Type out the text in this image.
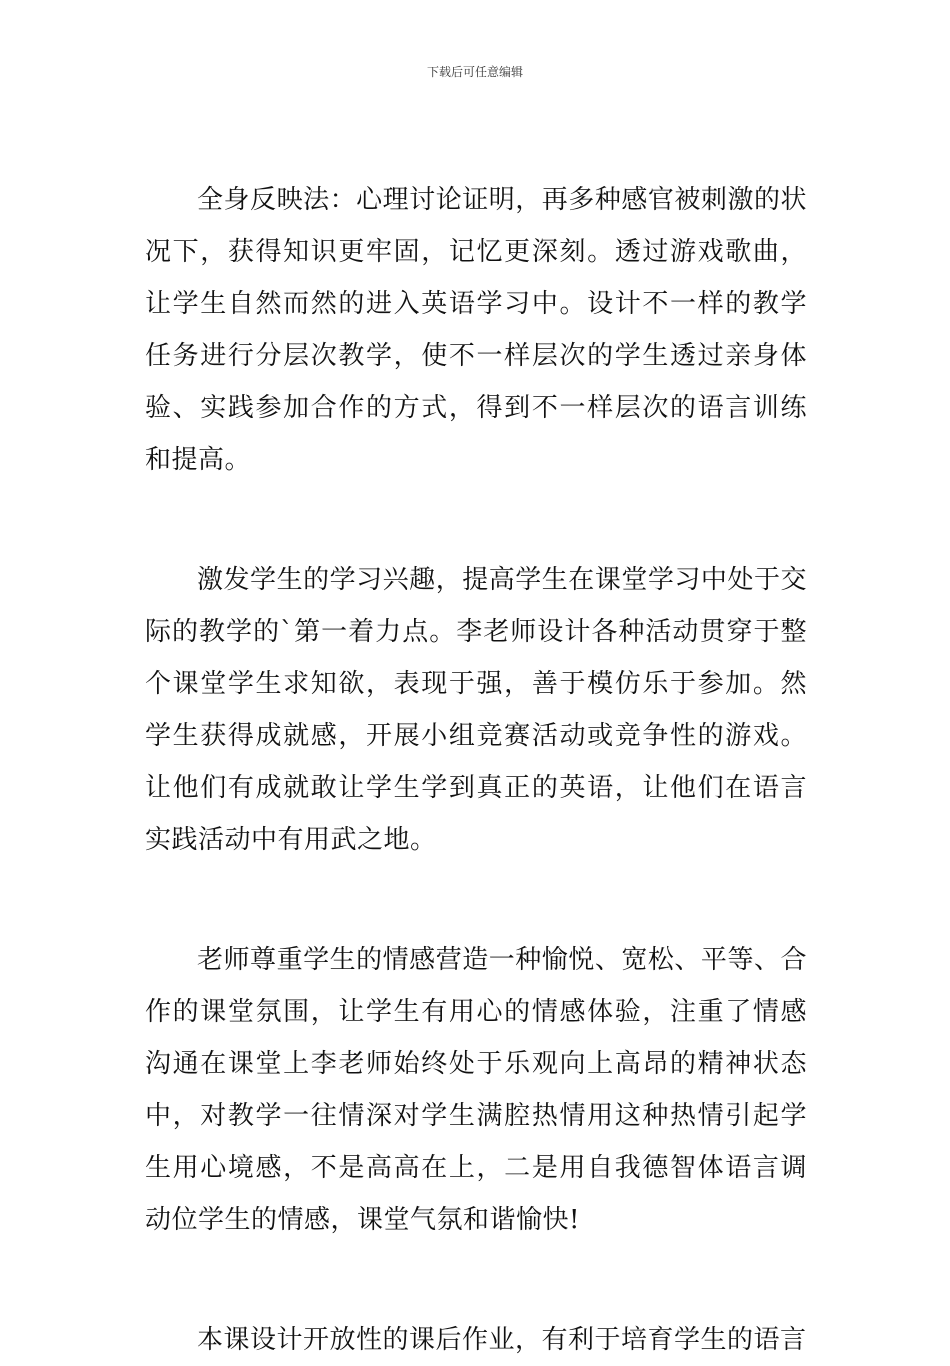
下载后可任意编辑

全身反映法：心理讨论证明，再多种感官被刺激的状况下，获得知识更牢固，记忆更深刻。透过游戏歌曲，让学生自然而然的进入英语学习中。设计不一样的教学任务进行分层次教学，使不一样层次的学生透过亲身体验、实践参加合作的方式，得到不一样层次的语言训练和提高。

激发学生的学习兴趣，提高学生在课堂学习中处于交际的教学的`第一着力点。李老师设计各种活动贯穿于整个课堂学生求知欲，表现于强，善于模仿乐于参加。然学生获得成就感，开展小组竞赛活动或竞争性的游戏。让他们有成就敢让学生学到真正的英语，让他们在语言实践活动中有用武之地。

老师尊重学生的情感营造一种愉悦、宽松、平等、合作的课堂氛围，让学生有用心的情感体验，注重了情感沟通在课堂上李老师始终处于乐观向上高昂的精神状态中，对教学一往情深对学生满腔热情用这种热情引起学生用心境感，不是高高在上，二是用自我德智体语言调动位学生的情感，课堂气氛和谐愉快!

本课设计开放性的课后作业，有利于培育学生的语言
